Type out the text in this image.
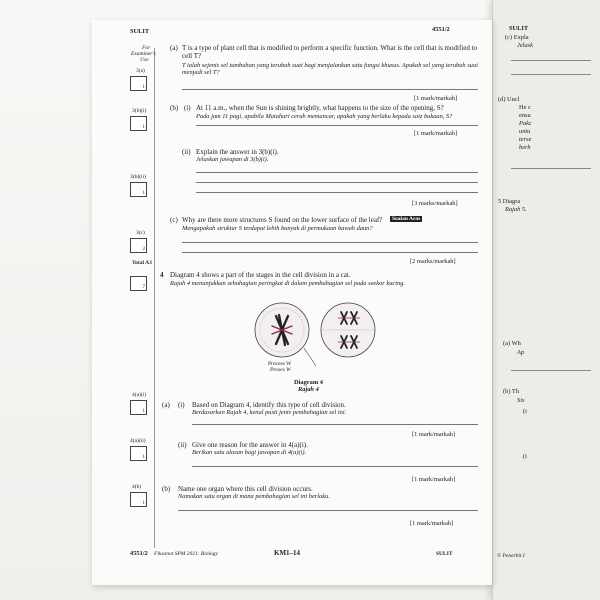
SULIT
(c) Expla
Jelask
(d) Uncl
He c
ensu
Pakc
untu
terse
berh
5 Diagra
Rajah 5.
(a) Wh
Ap
(b) Th
Sis
(i
(i
© Penerbit I
SULIT	4551/2
For
Examiner's
Use
3(a)
1
3(b)(i)
1
3(b)(ii)
1
3(c)
2
Total A3
7
4(a)(i)
1
4(a)(ii)
1
4(b)
1
(a) T is a type of plant cell that is modified to perform a specific function. What is the cell that is modified to cell T?
T ialah sejenis sel tumbuhan yang terubah suai bagi menjalankan satu fungsi khusus. Apakah sel yang terubah suai menjadi sel T?
[1 mark/markah]
(b) (i) At 11 a.m., when the Sun is shining brightly, what happens to the size of the opening, S?
Pada jam 11 pagi, apabila Matahari cerah memancar, apakah yang berlaku kepada saiz bukaan, S?
[1 mark/markah]
(ii) Explain the answer in 3(b)(i).
Jelaskan jawapan di 3(b)(i).
[3 marks/markah]
(c) Why are there more structures S found on the lower surface of the leaf?	Soalan Aras
Mengapakah struktur S terdapat lebih banyak di permukaan bawah daun?
[2 marks/markah]
4 Diagram 4 shows a part of the stages in the cell division in a cat.
Rajah 4 menunjukkan sebahagian peringkat di dalam pembahagian sel pada seekor kucing.
Process W
Proses W
Diagram 4
Rajah 4
(a) (i) Based on Diagram 4, identify this type of cell division.
Berdasarkan Rajah 4, kenal pasti jenis pembahagian sel ini.
[1 mark/markah]
(ii) Give one reason for the answer in 4(a)(i).
Berikan satu alasan bagi jawapan di 4(a)(i).
[1 mark/markah]
(b) Name one organ where this cell division occurs.
Namakan satu organ di mana pembahagian sel ini berlaku.
[1 mark/markah]
4551/2 Fiksonot SPM 2021: Biology	KM1–14	SULIT
